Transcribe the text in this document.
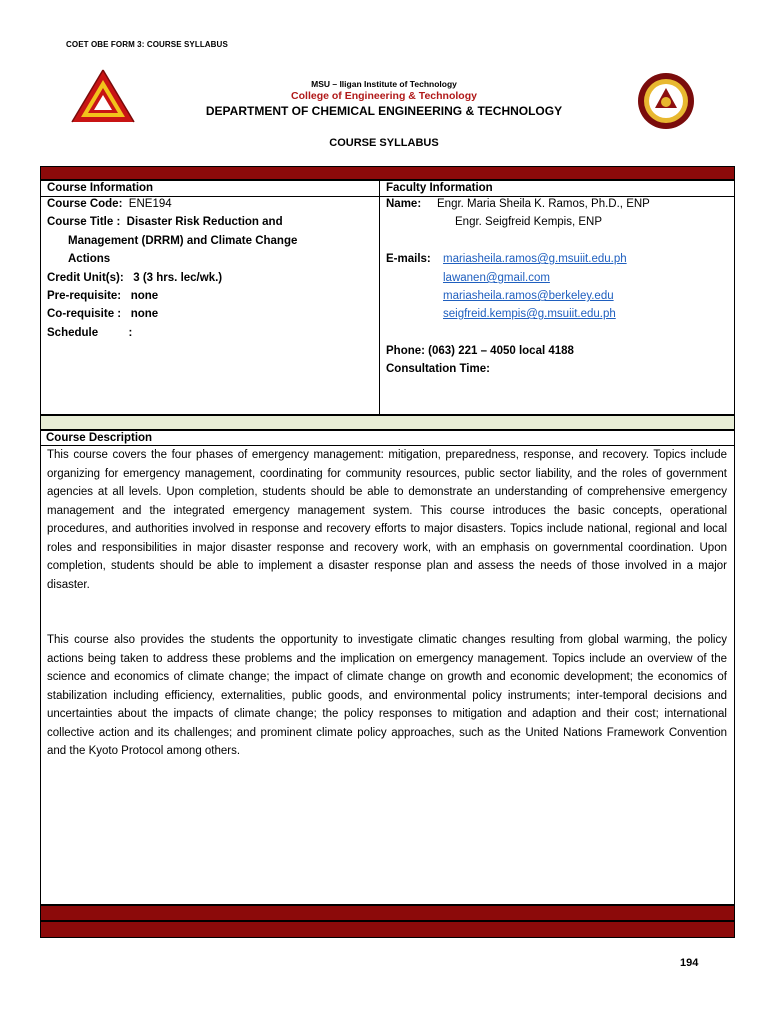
COET OBE FORM 3: COURSE SYLLABUS
MSU – Iligan Institute of Technology
College of Engineering & Technology
DEPARTMENT OF CHEMICAL ENGINEERING & TECHNOLOGY
COURSE SYLLABUS
Course Information
Course Code: ENE194
Course Title : Disaster Risk Reduction and
Management (DRRM) and Climate Change
Actions
Credit Unit(s): 3 (3 hrs. lec/wk.)
Pre-requisite: none
Co-requisite : none
Schedule	:
Faculty Information
Name: Engr. Maria Sheila K. Ramos, Ph.D., ENP
Engr. Seigfreid Kempis, ENP
E-mails: mariasheila.ramos@g.msuiit.edu.ph
lawanen@gmail.com
mariasheila.ramos@berkeley.edu
seigfreid.kempis@g.msuiit.edu.ph
Phone: (063) 221 – 4050 local 4188
Consultation Time:
Course Description
This course covers the four phases of emergency management: mitigation, preparedness, response, and recovery. Topics include organizing for emergency management, coordinating for community resources, public sector liability, and the roles of government agencies at all levels. Upon completion, students should be able to demonstrate an understanding of comprehensive emergency management and the integrated emergency management system. This course introduces the basic concepts, operational procedures, and authorities involved in response and recovery efforts to major disasters. Topics include national, regional and local roles and responsibilities in major disaster response and recovery work, with an emphasis on governmental coordination. Upon completion, students should be able to implement a disaster response plan and assess the needs of those involved in a major disaster.
This course also provides the students the opportunity to investigate climatic changes resulting from global warming, the policy actions being taken to address these problems and the implication on emergency management. Topics include an overview of the science and economics of climate change; the impact of climate change on growth and economic development; the economics of stabilization including efficiency, externalities, public goods, and environmental policy instruments; inter-temporal decisions and uncertainties about the impacts of climate change; the policy responses to mitigation and adaption and their cost; international collective action and its challenges; and prominent climate policy approaches, such as the United Nations Framework Convention and the Kyoto Protocol among others.
194
